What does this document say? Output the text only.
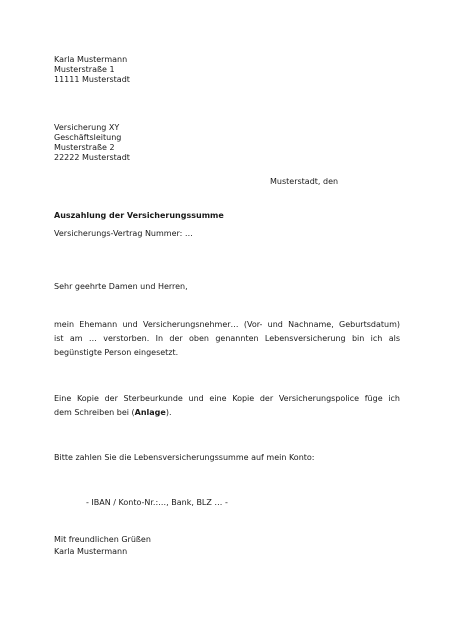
Karla Mustermann
Musterstraße 1
11111 Musterstadt
Versicherung XY
Geschäftsleitung
Musterstraße 2
22222 Musterstadt
Musterstadt, den
Auszahlung der Versicherungssumme
Versicherungs-Vertrag Nummer: …
Sehr geehrte Damen und Herren,
mein Ehemann und Versicherungsnehmer… (Vor- und Nachname, Geburtsdatum)
ist am … verstorben. In der oben genannten Lebensversicherung bin ich als
begünstigte Person eingesetzt.
Eine Kopie der Sterbeurkunde und eine Kopie der Versicherungspolice füge ich
dem Schreiben bei (Anlage).
Bitte zahlen Sie die Lebensversicherungssumme auf mein Konto:
- IBAN / Konto-Nr.:…, Bank, BLZ … -
Mit freundlichen Grüßen
Karla Mustermann
